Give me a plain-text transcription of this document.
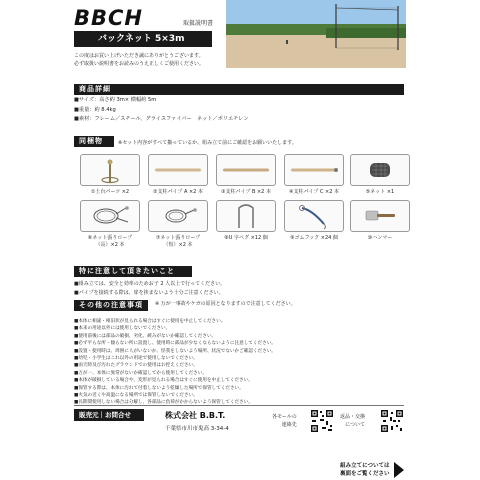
BBCH	取扱説明書
バックネット 5×3m
この度はお買い上げいただき誠にありがとうございます。
必ず取扱い説明書をお読みのうえ正しくご使用ください。
商品詳細
■サイズ：高さ約 3m× 横幅約 5m
■重量：約 8.4kg
■素材：フレーム／スチール、グライスファイバー　ネット／ポリエチレン
同梱物	※セット内容がすべて揃っているか、組み立て前にご確認をお願いいたします。
①土台パーツ ×2	②支柱パイプ A ×2 本	③支柱パイプ B ×2 本	④支柱パイプ C ×2 本	⑤ネット ×1
⑥ネット張りロープ
（長）×2 本
⑦ネット張りロープ
（短）×2 本
⑧U 字ペグ ×12 個	⑨ゴムフック ×24 個	⑩ハンマー
特に注意して頂きたいこと
■組み立ては、安全と効率のためお子 2 人以上で行ってください。
■パイプを接続する際は、扉を挟まないよう十分ご注意ください。
その他の注意事項	※ 万が一事故やケガの原因となりますので注意してください。
■本体に相違・相旧状が見られる場合はすぐに使用を中止してください。
■本来の用途以外には使用しないでください。
■使用前後には部品の破損、劣化、緩みがないか確認してください。
■必ず平らな所・傾らない所に設置し、使用時に部品が少なくならないように注意してください。
■設置・使用時は、周囲に人がいないか、怪我をしないよう場所、状況でないかご確認ください。
■幼児・小学生はこれ以外の用途で使用しないでください。
■雨天時及び汚れたグラウンドでの使用はお控えください。
■万が一、本体に異常がないか確認してから使用してください。
■本体が破損している場合や、変形が見られる場合はすぐに使用を中止してください。
■保管する際は、本体に汚れて付着しないよう乾燥した場所で保管してください。
■火気の近くや高温になる場所では保管しないでください。
■長期間使用しない場合は分解し、各部品に負荷がかからないよう保管してください。
販売元｜お問合せ	株式会社 B.B.T.
千葉県市川市鬼高 3-34-4
各モールの
連絡先
返品・交換
について
組み立てについては
裏面をご覧ください
